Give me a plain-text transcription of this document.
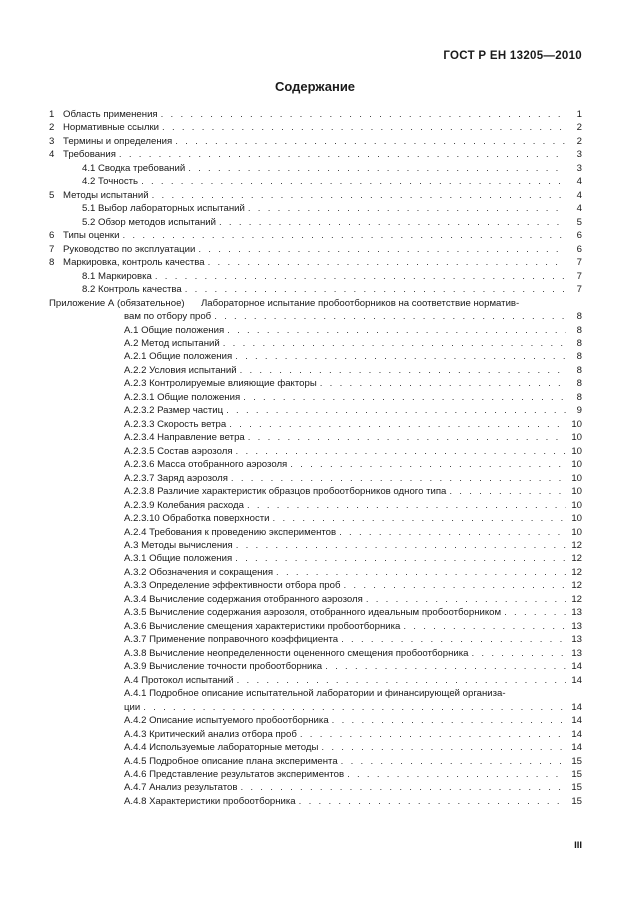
ГОСТ Р ЕН 13205—2010
Содержание
1 Область применения . . .	1
2 Нормативные ссылки . . .	2
3 Термины и определения . . .	2
4 Требования . . .	3
4.1 Сводка требований . . .	3
4.2 Точность . . .	4
5 Методы испытаний . . .	4
5.1 Выбор лабораторных испытаний . . .	4
5.2 Обзор методов испытаний . . .	5
6 Типы оценки . . .	6
7 Руководство по эксплуатации . . .	6
8 Маркировка, контроль качества . . .	7
8.1 Маркировка . . .	7
8.2 Контроль качества . . .	7
Приложение А (обязательное) Лабораторное испытание пробоотборников на соответствие норматив-
вам по отбору проб . . .	8
А.1 Общие положения . . .	8
А.2 Метод испытаний . . .	8
А.2.1 Общие положения . . .	8
А.2.2 Условия испытаний . . .	8
А.2.3 Контролируемые влияющие факторы . . .	8
А.2.3.1 Общие положения . . .	8
А.2.3.2 Размер частиц . . .	9
А.2.3.3 Скорость ветра . . .	10
А.2.3.4 Направление ветра . . .	10
А.2.3.5 Состав аэрозоля . . .	10
А.2.3.6 Масса отобранного аэрозоля . . .	10
А.2.3.7 Заряд аэрозоля . . .	10
А.2.3.8 Различие характеристик образцов пробоотборников одного типа . . .	10
А.2.3.9 Колебания расхода . . .	10
А.2.3.10 Обработка поверхности . . .	10
А.2.4 Требования к проведению экспериментов . . .	10
А.3 Методы вычисления . . .	12
А.3.1 Общие положения . . .	12
А.3.2 Обозначения и сокращения . . .	12
А.3.3 Определение эффективности отбора проб . . .	12
А.3.4 Вычисление содержания отобранного аэрозоля . . .	12
А.3.5 Вычисление содержания аэрозоля, отобранного идеальным пробоотборником . . .	13
А.3.6 Вычисление смещения характеристики пробоотборника . . .	13
А.3.7 Применение поправочного коэффициента . . .	13
А.3.8 Вычисление неопределенности оцененного смещения пробоотборника . . .	13
А.3.9 Вычисление точности пробоотборника . . .	14
А.4 Протокол испытаний . . .	14
А.4.1 Подробное описание испытательной лаборатории и финансирующей организа-
ции . . .	14
А.4.2 Описание испытуемого пробоотборника . . .	14
А.4.3 Критический анализ отбора проб . . .	14
А.4.4 Используемые лабораторные методы . . .	14
А.4.5 Подробное описание плана эксперимента . . .	15
А.4.6 Представление результатов экспериментов . . .	15
А.4.7 Анализ результатов . . .	15
А.4.8 Характеристики пробоотборника . . .	15
III
